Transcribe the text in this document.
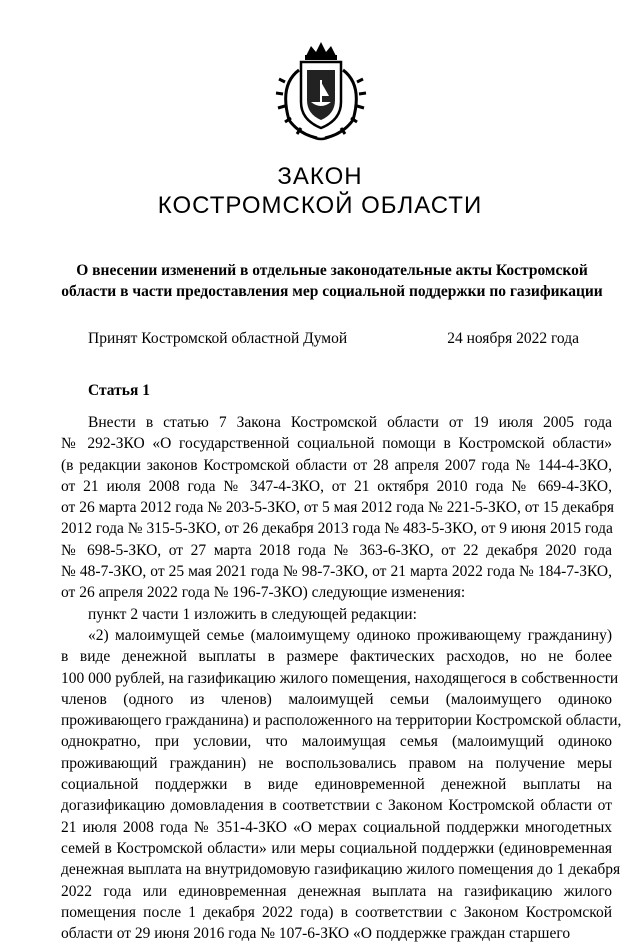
ЗАКОН
КОСТРОМСКОЙ ОБЛАСТИ
О внесении изменений в отдельные законодательные акты Костромской
области в части предоставления мер социальной поддержки по газификации
Принят Костромской областной Думой	24 ноября 2022 года
Статья 1
Внести в статью 7 Закона Костромской области от 19 июля 2005 года
№ 292-ЗКО «О государственной социальной помощи в Костромской области»
(в редакции законов Костромской области от 28 апреля 2007 года № 144-4-ЗКО,
от 21 июля 2008 года № 347-4-ЗКО, от 21 октября 2010 года № 669-4-ЗКО,
от 26 марта 2012 года № 203-5-ЗКО, от 5 мая 2012 года № 221-5-ЗКО, от 15 декабря
2012 года № 315-5-ЗКО, от 26 декабря 2013 года № 483-5-ЗКО, от 9 июня 2015 года
№ 698-5-ЗКО, от 27 марта 2018 года № 363-6-ЗКО, от 22 декабря 2020 года
№ 48-7-ЗКО, от 25 мая 2021 года № 98-7-ЗКО, от 21 марта 2022 года № 184-7-ЗКО,
от 26 апреля 2022 года № 196-7-ЗКО) следующие изменения:
пункт 2 части 1 изложить в следующей редакции:
«2) малоимущей семье (малоимущему одиноко проживающему гражданину)
в виде денежной выплаты в размере фактических расходов, но не более
100 000 рублей, на газификацию жилого помещения, находящегося в собственности
членов (одного из членов) малоимущей семьи (малоимущего одиноко
проживающего гражданина) и расположенного на территории Костромской области,
однократно, при условии, что малоимущая семья (малоимущий одиноко
проживающий гражданин) не воспользовались правом на получение меры
социальной поддержки в виде единовременной денежной выплаты на
догазификацию домовладения в соответствии с Законом Костромской области от
21 июля 2008 года № 351-4-ЗКО «О мерах социальной поддержки многодетных
семей в Костромской области» или меры социальной поддержки (единовременная
денежная выплата на внутридомовую газификацию жилого помещения до 1 декабря
2022 года или единовременная денежная выплата на газификацию жилого
помещения после 1 декабря 2022 года) в соответствии с Законом Костромской
области от 29 июня 2016 года № 107-6-ЗКО «О поддержке граждан старшего
